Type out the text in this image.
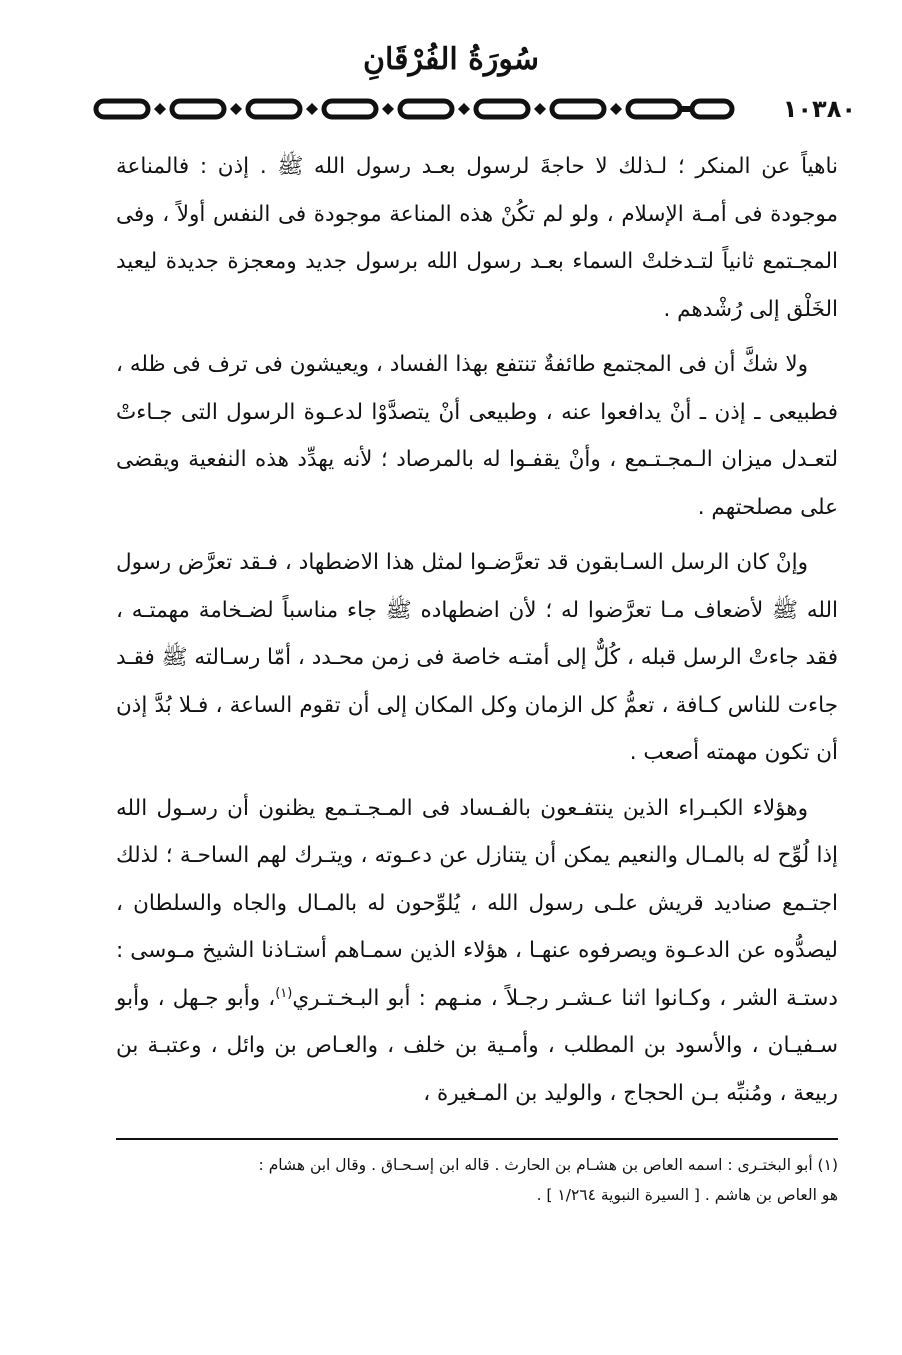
سُورَةُ الفُرْقَانِ
١٠٣٨٠

ناهياً عن المنكر ؛ لـذلك لا حاجةَ لرسول بعـد رسول الله ﷺ . إذن : فالمناعة موجودة فى أمـة الإسلام ، ولو لم تكُنْ هذه المناعة موجودة فى النفس أولاً ، وفى المجـتمع ثانياً لتـدخلتْ السماء بعـد رسول الله برسول جديد ومعجزة جديدة ليعيد الخَلْق إلى رُشْدهم .

ولا شكَّ أن فى المجتمع طائفةٌ تنتفع بهذا الفساد ، ويعيشون فى ترف فى ظله ، فطبيعى ـ إذن ـ أنْ يدافعوا عنه ، وطبيعى أنْ يتصدَّوْا لدعـوة الرسول التى جـاءتْ لتعـدل ميزان الـمجـتـمع ، وأنْ يقفـوا له بالمرصاد ؛ لأنه يهدِّد هذه النفعية ويقضى على مصلحتهم .

وإنْ كان الرسل السـابقون قد تعرَّضـوا لمثل هذا الاضطهاد ، فـقد تعرَّض رسول الله ﷺ لأضعاف مـا تعرَّضوا له ؛ لأن اضطهاده ﷺ جاء مناسباً لضـخامة مهمتـه ، فقد جاءتْ الرسل قبله ، كُلٌّ إلى أمتـه خاصة فى زمن محـدد ، أمّا رسـالته ﷺ فقـد جاءت للناس كـافة ، تعمُّ كل الزمان وكل المكان إلى أن تقوم الساعة ، فـلا بُدَّ إذن أن تكون مهمته أصعب .

وهؤلاء الكبـراء الذين ينتفـعون بالفـساد فى المـجـتـمع يظنون أن رسـول الله إذا لُوِّح له بالمـال والنعيم يمكن أن يتنازل عن دعـوته ، ويتـرك لهم الساحـة ؛ لذلك اجتـمع صناديد قريش علـى رسول الله ، يُلوِّحون له بالمـال والجاه والسلطان ، ليصدُّوه عن الدعـوة ويصرفوه عنهـا ، هؤلاء الذين سمـاهم أستـاذنا الشيخ مـوسى : دستـة الشر ، وكـانوا اثنا عـشـر رجـلاً ، منـهم : أبو البـخـتـري$^{(١)}$، وأبو جـهل ، وأبو سـفيـان ، والأسود بن المطلب ، وأمـية بن خلف ، والعـاص بن وائل ، وعتبـة بن ربيعة ، ومُنبِّه بـن الحجاج ، والوليد بن المـغيرة ،

(١) أبو البختـرى : اسمه العاص بن هشـام بن الحارث . قاله ابن إسـحـاق . وقال ابن هشام :

هو العاص بن هاشم . [ السيرة النبوية ١/٢٦٤ ] .
